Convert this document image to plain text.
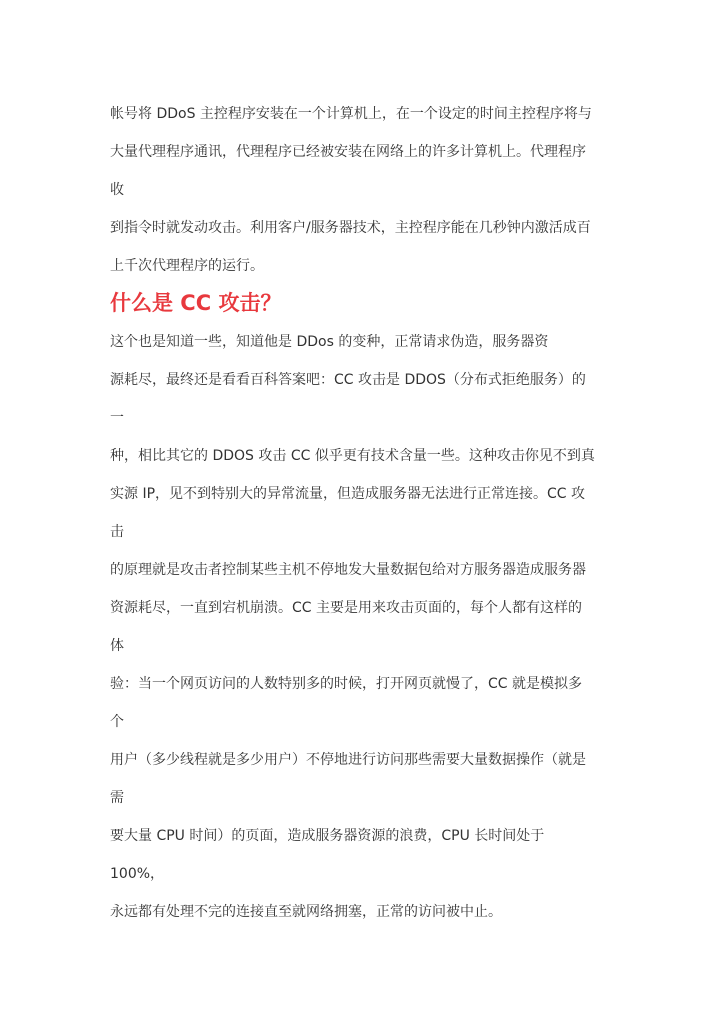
帐号将 DDoS 主控程序安装在一个计算机上，在一个设定的时间主控程序将与
大量代理程序通讯，代理程序已经被安装在网络上的许多计算机上。代理程序
收
到指令时就发动攻击。利用客户/服务器技术，主控程序能在几秒钟内激活成百
上千次代理程序的运行。
什么是 CC 攻击？
这个也是知道一些，知道他是 DDos 的变种，正常请求伪造，服务器资
源耗尽，最终还是看看百科答案吧：CC 攻击是 DDOS（分布式拒绝服务）的
一
种，相比其它的 DDOS 攻击 CC 似乎更有技术含量一些。这种攻击你见不到真
实源 IP，见不到特别大的异常流量，但造成服务器无法进行正常连接。CC 攻
击
的原理就是攻击者控制某些主机不停地发大量数据包给对方服务器造成服务器
资源耗尽，一直到宕机崩溃。CC 主要是用来攻击页面的，每个人都有这样的
体
验：当一个网页访问的人数特别多的时候，打开网页就慢了，CC 就是模拟多
个
用户（多少线程就是多少用户）不停地进行访问那些需要大量数据操作（就是
需
要大量 CPU 时间）的页面，造成服务器资源的浪费，CPU 长时间处于
100%，
永远都有处理不完的连接直至就网络拥塞，正常的访问被中止。
